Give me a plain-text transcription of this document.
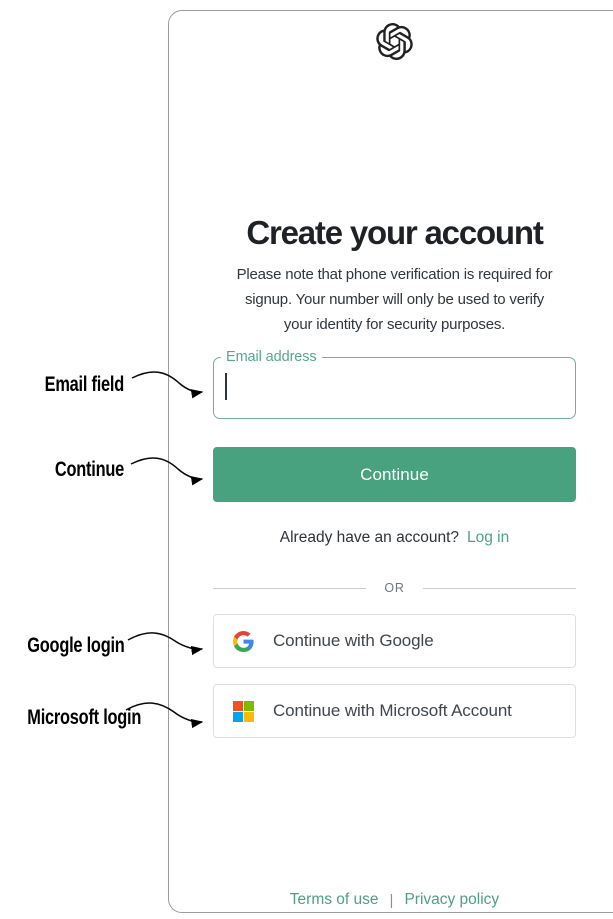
Create your account
Please note that phone verification is required for
signup. Your number will only be used to verify
your identity for security purposes.
Email address
Continue
Already have an account? Log in
OR
Continue with Google
Continue with Microsoft Account
Terms of use | Privacy policy
Email field
Continue
Google login
Microsoft login
